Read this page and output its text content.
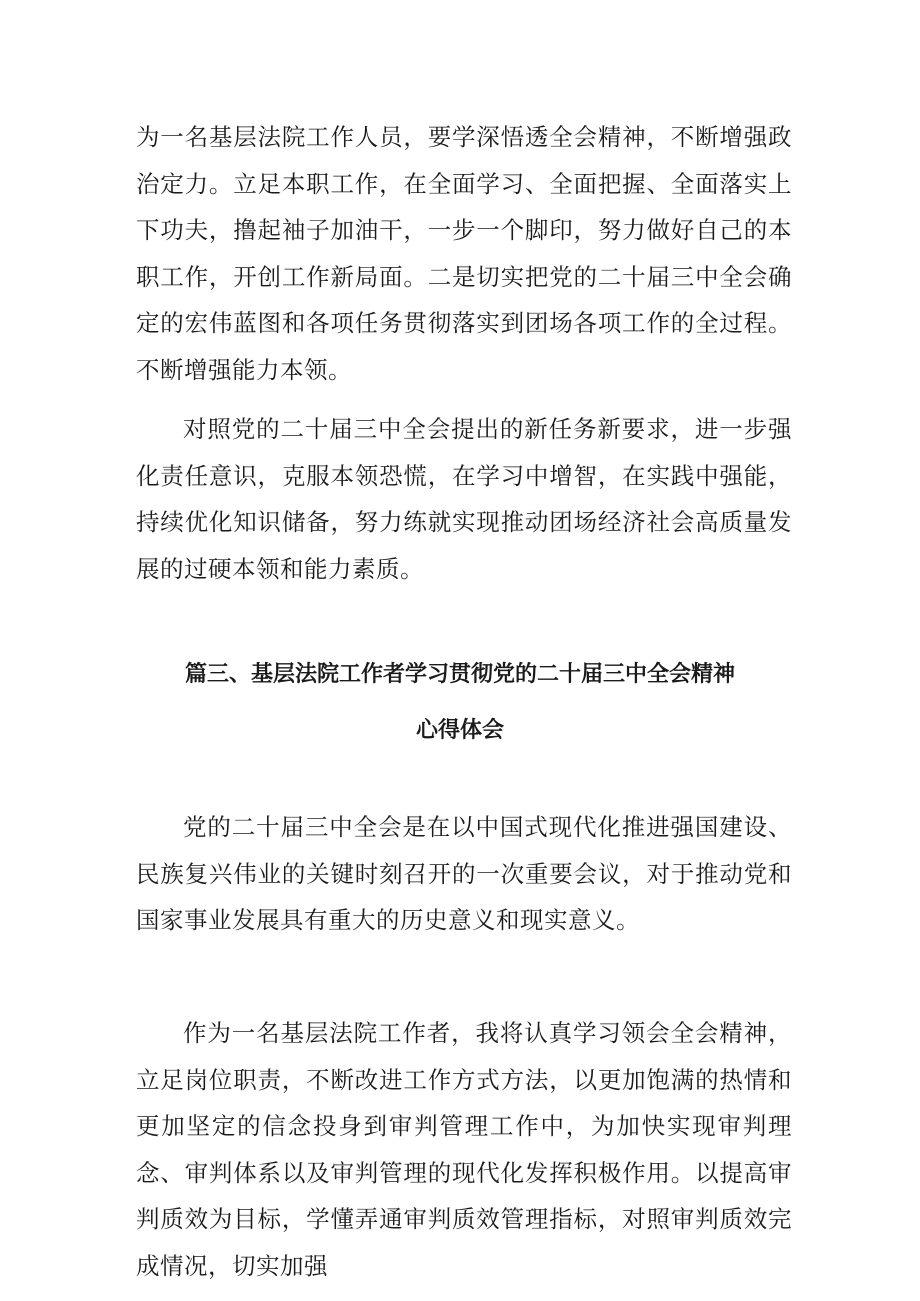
为一名基层法院工作人员，要学深悟透全会精神，不断增强政治定力。立足本职工作，在全面学习、全面把握、全面落实上下功夫，撸起袖子加油干，一步一个脚印，努力做好自己的本职工作，开创工作新局面。二是切实把党的二十届三中全会确定的宏伟蓝图和各项任务贯彻落实到团场各项工作的全过程。不断增强能力本领。

对照党的二十届三中全会提出的新任务新要求，进一步强化责任意识，克服本领恐慌，在学习中增智，在实践中强能，持续优化知识储备，努力练就实现推动团场经济社会高质量发展的过硬本领和能力素质。

篇三、基层法院工作者学习贯彻党的二十届三中全会精神
心得体会

党的二十届三中全会是在以中国式现代化推进强国建设、民族复兴伟业的关键时刻召开的一次重要会议，对于推动党和国家事业发展具有重大的历史意义和现实意义。

作为一名基层法院工作者，我将认真学习领会全会精神，立足岗位职责，不断改进工作方式方法，以更加饱满的热情和更加坚定的信念投身到审判管理工作中，为加快实现审判理念、审判体系以及审判管理的现代化发挥积极作用。以提高审判质效为目标，学懂弄通审判质效管理指标，对照审判质效完成情况，切实加强
